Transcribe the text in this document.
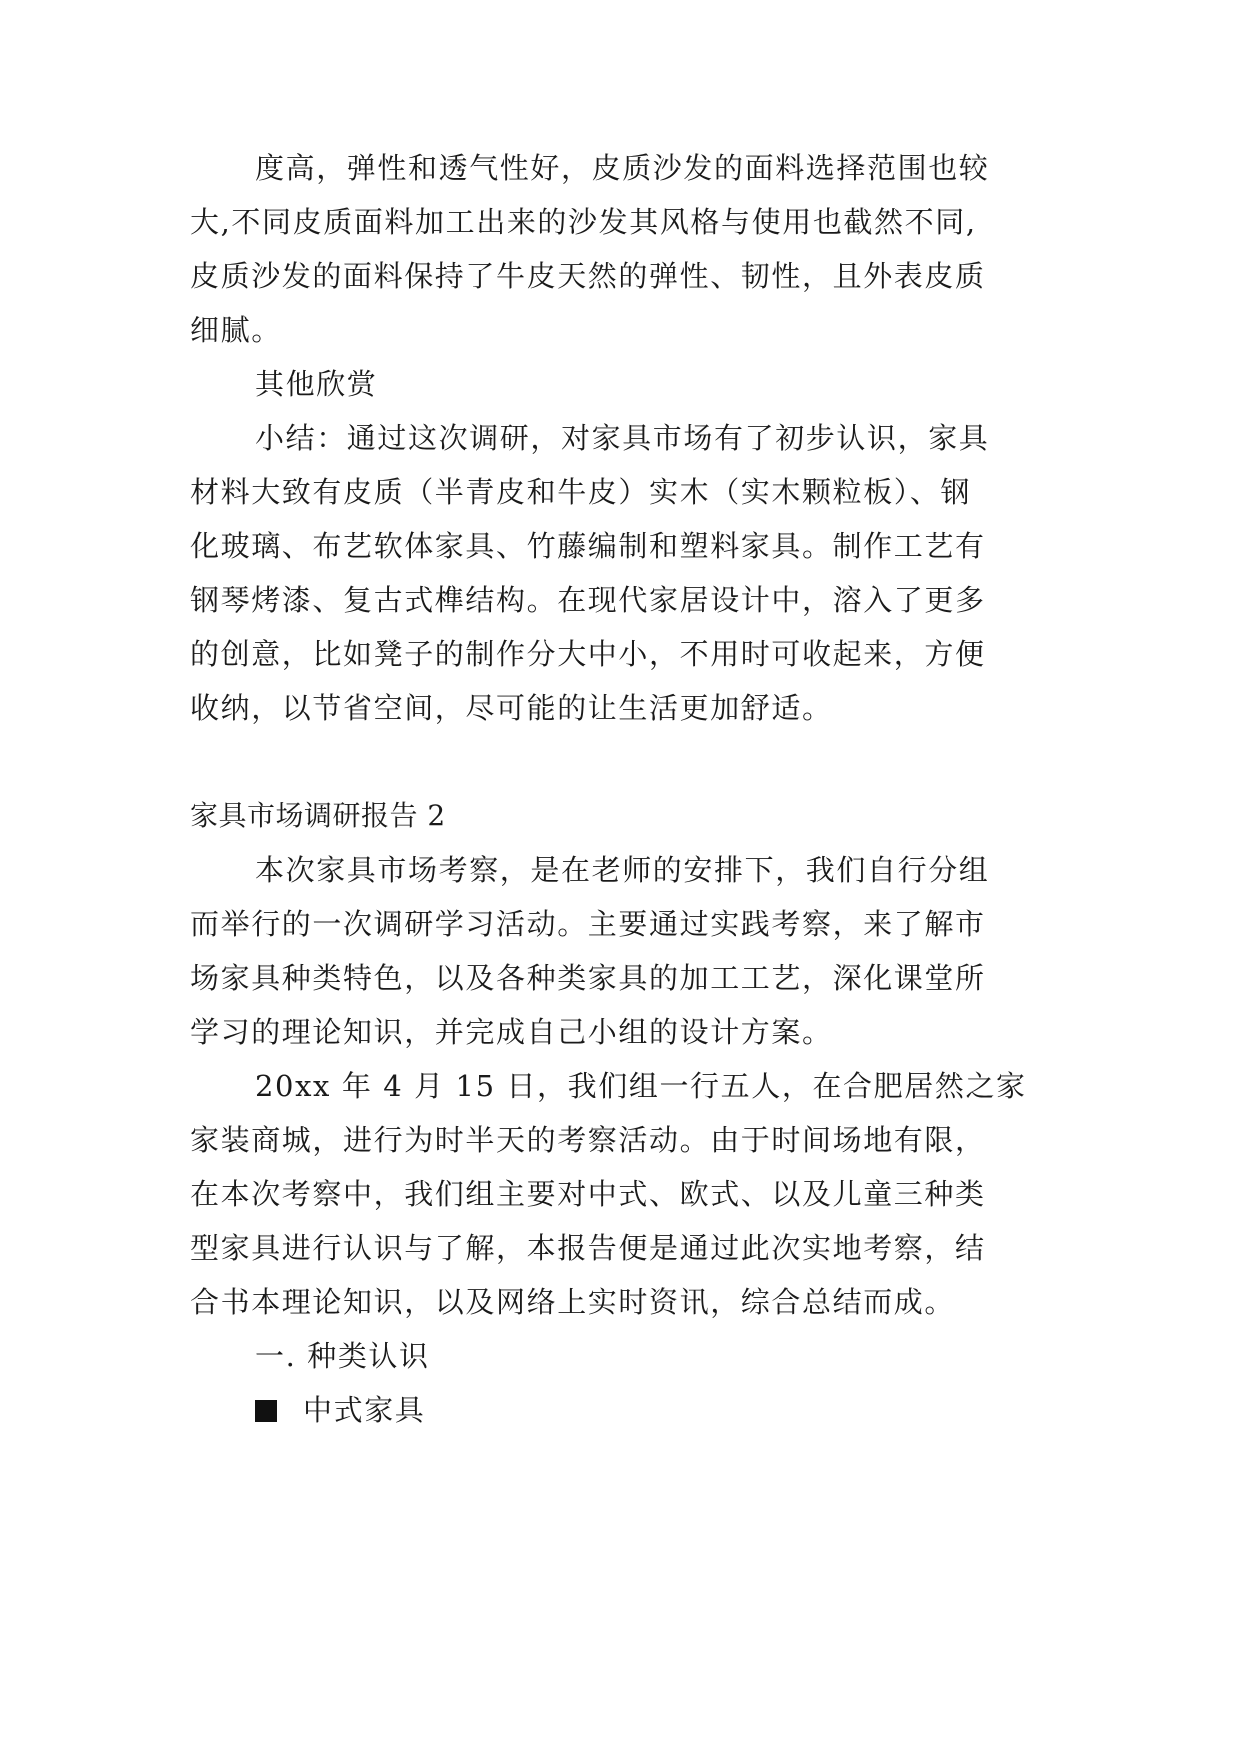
度高，弹性和透气性好，皮质沙发的面料选择范围也较
大,不同皮质面料加工出来的沙发其风格与使用也截然不同,
皮质沙发的面料保持了牛皮天然的弹性、韧性，且外表皮质
细腻。
其他欣赏
小结：通过这次调研，对家具市场有了初步认识，家具
材料大致有皮质（半青皮和牛皮）实木（实木颗粒板）、钢
化玻璃、布艺软体家具、竹藤编制和塑料家具。制作工艺有
钢琴烤漆、复古式榫结构。在现代家居设计中，溶入了更多
的创意，比如凳子的制作分大中小，不用时可收起来，方便
收纳，以节省空间，尽可能的让生活更加舒适。
家具市场调研报告 2
本次家具市场考察，是在老师的安排下，我们自行分组
而举行的一次调研学习活动。主要通过实践考察，来了解市
场家具种类特色，以及各种类家具的加工工艺，深化课堂所
学习的理论知识，并完成自己小组的设计方案。
20xx 年 4 月 15 日，我们组一行五人，在合肥居然之家
家装商城，进行为时半天的考察活动。由于时间场地有限，
在本次考察中，我们组主要对中式、欧式、以及儿童三种类
型家具进行认识与了解，本报告便是通过此次实地考察，结
合书本理论知识，以及网络上实时资讯，综合总结而成。
一. 种类认识
中式家具
